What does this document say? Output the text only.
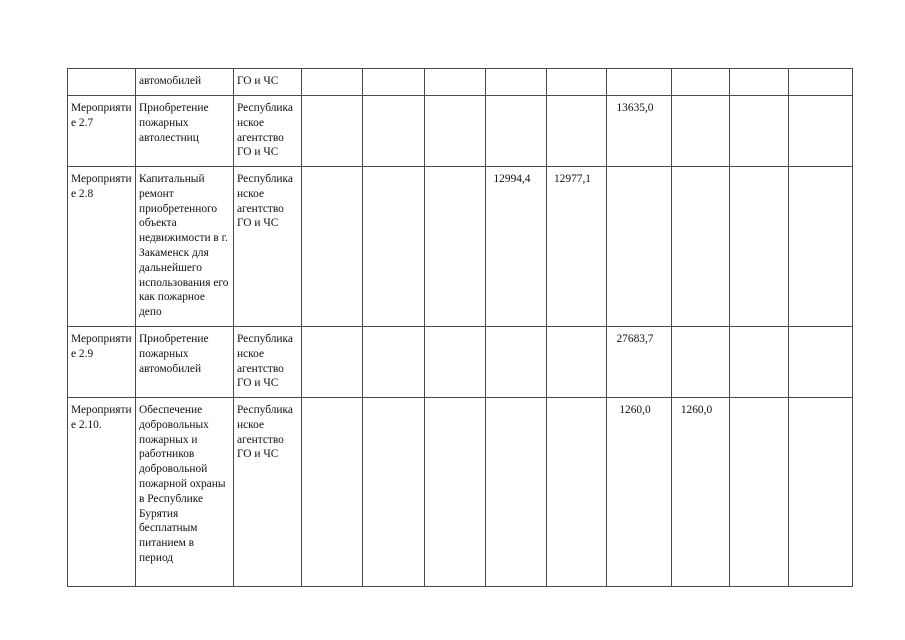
	автомобилей	ГО и ЧС									
Мероприятие 2.7	Приобретение пожарных автолестниц	Республиканское агентство ГО и ЧС						13635,0			
Мероприятие 2.8	Капитальный ремонт приобретенного объекта недвижимости в г. Закаменск для дальнейшего использования его как пожарное депо	Республиканское агентство ГО и ЧС				12994,4	12977,1				
Мероприятие 2.9	Приобретение пожарных автомобилей	Республиканское агентство ГО и ЧС						27683,7			
Мероприятие 2.10.	Обеспечение добровольных пожарных и работников добровольной пожарной охраны в Республике Бурятия бесплатным питанием в период	Республиканское агентство ГО и ЧС						1260,0	1260,0		
